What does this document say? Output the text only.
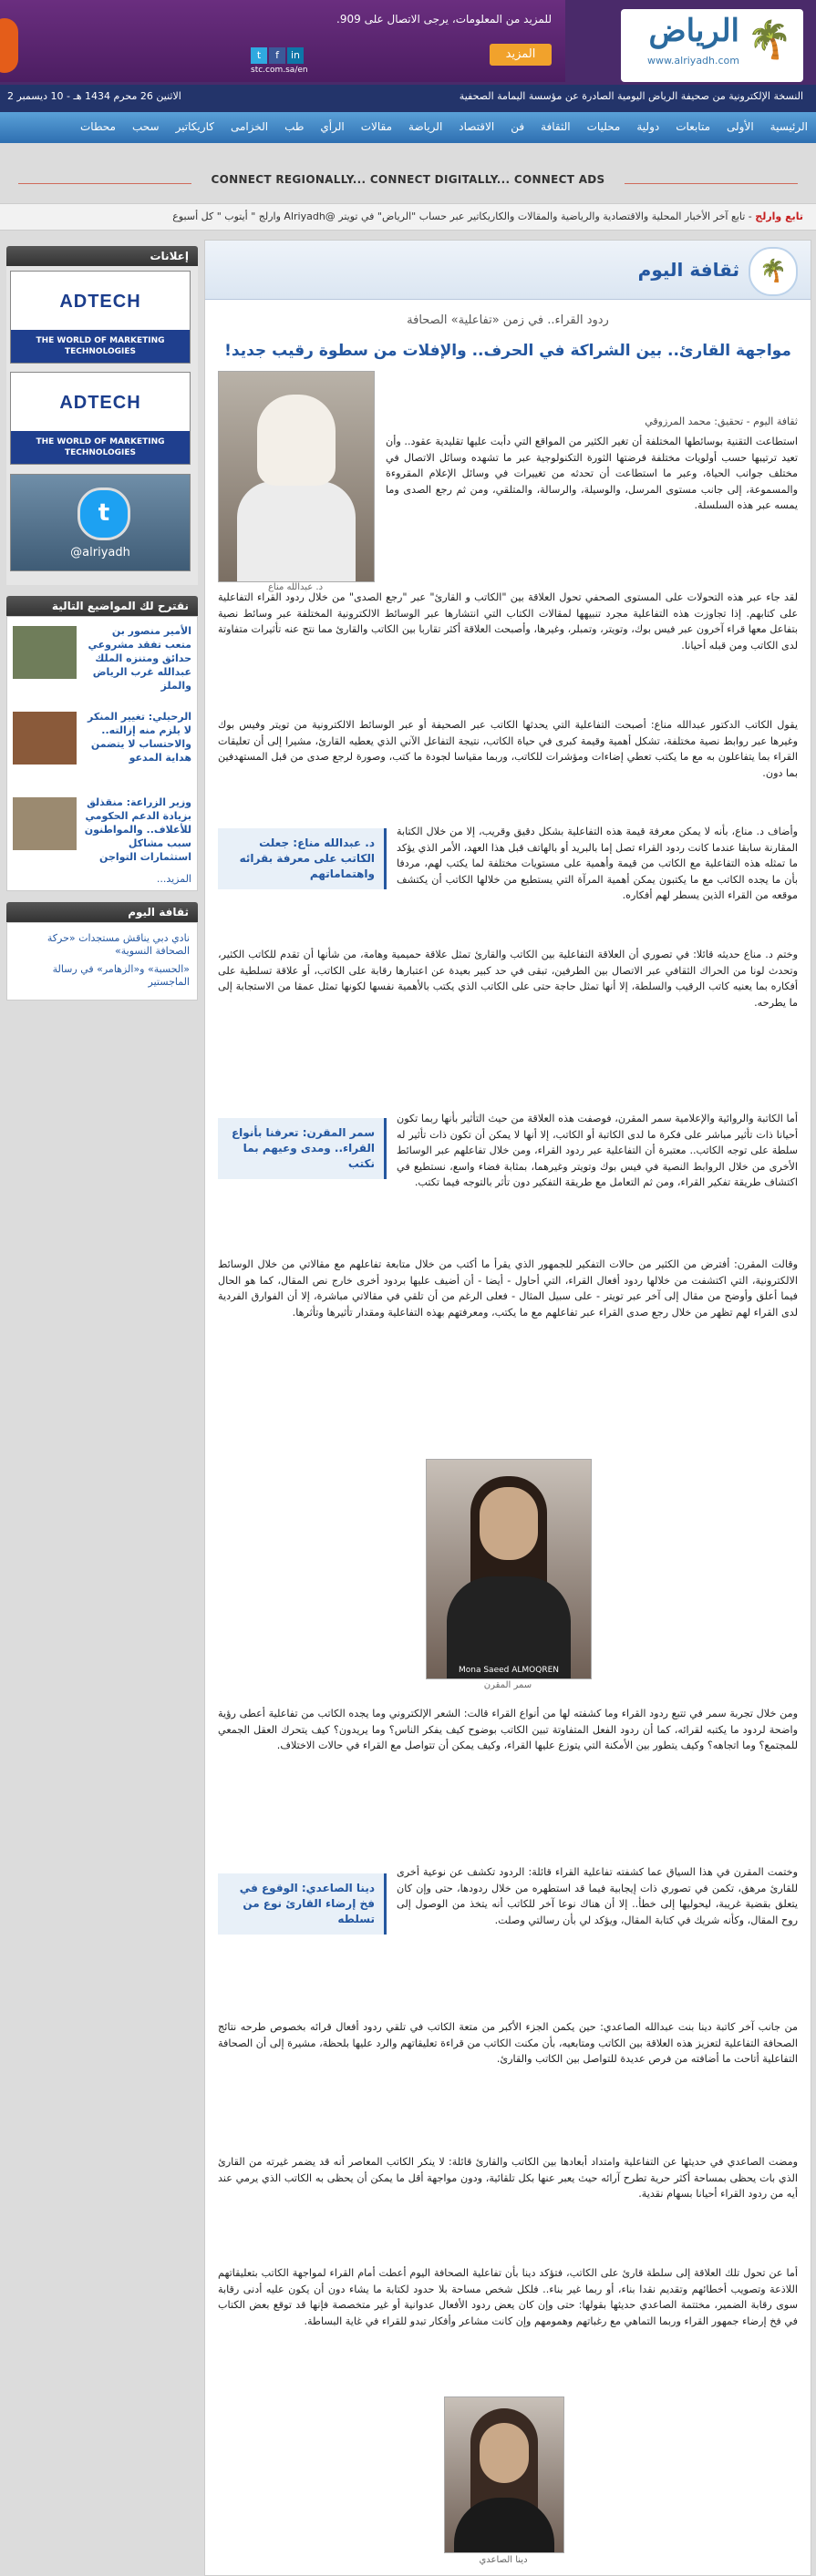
t	f	in
stc.com.sa/en
للمزيد من المعلومات، يرجى الاتصال على 909.
المزيد	🌴
الرياض
www.alriyadh.com
النسخة الإلكترونية من صحيفة الرياض اليومية الصادرة عن مؤسسة اليمامة الصحفية
الاثنين 26 محرم 1434 هـ - 10 ديسمبر 2
الرئيسية
الأولى
متابعات
دولية
محليات
الثقافة
فن
الاقتصاد
الرياضة
مقالات
الرأي
طب
الخزامى
كاريكاتير
سحب
محطات
CONNECT REGIONALLY... CONNECT DIGITALLY... CONNECT ADS
تابع وارلج - تابع آخر الأخبار المحلية والاقتصادية والرياضية والمقالات والكاريكاتير عبر حساب "الرياض" في تويتر @Alriyadh وارلج " أيتوب " كل أسبوع
إعلانات
ADTECH
THE WORLD OF MARKETING TECHNOLOGIES
ADTECH
THE WORLD OF MARKETING TECHNOLOGIES
t
@alriyadh
نقترح لك المواضيع التالية
الأمير منصور بن متعب تفقد مشروعي حدائق ومتنزه الملك عبدالله غرب الرياض والملز
الرحيلي: تغيير المنكر لا يلزم منه إزالته.. والاحتساب لا يتضمن هداية المدعو
وزير الزراعة: منقذلق بزيادة الدعم الحكومي للأعلاف.. والمواطنون سبب مشاكل استثمارات التواجن
المزيد...
ثقافة اليوم
نادي دبي يناقش مستجدات «حركة الصحافة النسوية»
«الحسبة» و«الزهامر» في رسالة الماجستير
🌴
ثقافة اليوم
ردود القراء.. في زمن «تفاعلية» الصحافة
مواجهة القارئ.. بين الشراكة في الحرف.. والإفلات من سطوة رقيب جديد!
د. عبدالله مناع
ثقافة اليوم - تحقيق: محمد المرزوقي

استطاعت التقنية بوسائطها المختلفة أن تغير الكثير من المواقع التي دأبت عليها تقليدية عقود.. وأن تعيد ترتيبها حسب أولويات مختلفة فرضتها الثورة التكنولوجية عبر ما تشهده وسائل الاتصال في مختلف جوانب الحياة، وعبر ما استطاعت أن تحدثه من تغييرات في وسائل الإعلام المقروءة والمسموعة، إلى جانب مستوى المرسل، والوسيلة، والرسالة، والمتلقي، ومن ثم رجع الصدى وما يمسه عبر هذه السلسلة.

لقد جاء عبر هذه التحولات على المستوى الصحفي تحول العلاقة بين "الكاتب و القارئ" عبر "رجع الصدى" من خلال ردود القراء التفاعلية على كتابهم. إذا تجاوزت هذه التفاعلية مجرد تنبيهها لمقالات الكتاب التي انتشارها عبر الوسائط الالكترونية المختلفة عبر وسائط نصية بتفاعل معها قراء آخرون عبر فيس بوك، وتويتر، وتمبلر، وغيرها، وأصبحت العلاقة أكثر تقاربا بين الكاتب والقارئ مما نتج عنه تأثيرات متفاوتة لدى الكاتب ومن قبله أحيانا.

يقول الكاتب الدكتور عبدالله مناع: أصبحت التفاعلية التي يحدثها الكاتب عبر الصحيفة أو عبر الوسائط الالكترونية من تويتر وفيس بوك وغيرها عبر روابط نصية مختلفة، تشكل أهمية وقيمة كبرى في حياة الكاتب، نتيجة التفاعل الآني الذي يعطيه القارئ، مشيرا إلى أن تعليقات القراء بما يتفاعلون به مع ما يكتب تعطي إضاءات ومؤشرات للكاتب، وربما مقياسا لجودة ما كتب، وصورة لرجع صدى من قبل المستهدفين بما دون.

د. عبدالله مناع: جعلت الكاتب على معرفة بقرائه واهتماماتهم

وأضاف د. مناع، بأنه لا يمكن معرفة قيمة هذه التفاعلية بشكل دقيق وقريب، إلا من خلال الكتابة المقارنة سابقا عندما كانت ردود القراء تصل إما بالبريد أو بالهاتف قبل هذا العهد، الأمر الذي يؤكد ما تمثله هذه التفاعلية مع الكاتب من قيمة وأهمية على مستويات مختلفة لما يكتب لهم، مردفا بأن ما يجده الكاتب مع ما يكتبون يمكن أهمية المرآة التي يستطيع من خلالها الكاتب أن يكتشف موقعه من القراء الذين يسطر لهم أفكاره.

وختم د. مناع حديثه قائلا: في تصوري أن العلاقة التفاعلية بين الكاتب والقارئ تمثل علاقة حميمية وهامة، من شأنها أن تقدم للكاتب الكثير، وتحدث لونا من الحراك الثقافي عبر الاتصال بين الطرفين، تبقى في حد كبير بعيدة عن اعتبارها رقابة على الكاتب، أو علاقة تسلطية على أفكاره بما يعنيه كاتب الرقيب والسلطة، إلا أنها تمثل حاجة حتى على الكاتب الذي يكتب بالأهمية نفسها لكونها تمثل عمقا من الاستجابة إلى ما يطرحه.

سمر المقرن: تعرفنا بأنواع القراء.. ومدى وعيهم بما نكتب

أما الكاتبة والروائية والإعلامية سمر المقرن، فوصفت هذه العلاقة من حيث التأثير بأنها ربما تكون أحيانا ذات تأثير مباشر على فكرة ما لدى الكاتبة أو الكاتب، إلا أنها لا يمكن أن تكون ذات تأثير له سلطة على توجه الكاتب.. معتبرة أن التفاعلية عبر ردود القراء، ومن خلال تفاعلهم عبر الوسائط الأخرى من خلال الروابط النصية في فيس بوك وتويتر وغيرهما، بمثابة فضاء واسع، نستطيع في اكتشاف طريقة تفكير القراء، ومن ثم التعامل مع طريقة التفكير دون تأثر بالتوجه فيما تكتب.

وقالت المقرن: أفترض من الكثير من حالات التفكير للجمهور الذي يقرأ ما أكتب من خلال متابعة تفاعلهم مع مقالاتي من خلال الوسائط الالكترونية، التي اكتشفت من خلالها ردود أفعال القراء، التي أحاول - أيضا - أن أضيف عليها بردود أخرى خارج نص المقال، كما هو الحال فيما أعلق وأوضح من مقال إلى آخر عبر تويتر - على سبيل المثال - فعلى الرغم من أن تلقي في مقالاتي مباشرة، إلا أن الفوارق الفردية لدى القراء لهم تظهر من خلال رجع صدى القراء عبر تفاعلهم مع ما يكتب، ومعرفتهم بهذه التفاعلية ومقدار تأثيرها وتأثرها.

Mona Saeed ALMOQREN
سمر المقرن

ومن خلال تجربة سمر في تتبع ردود القراء وما كشفته لها من أنواع القراء قالت: الشعر الإلكتروني وما يجده الكاتب من تفاعلية أعطى رؤية واضحة لردود ما يكتبه لقرائه، كما أن ردود الفعل المتفاوتة تبين الكاتب بوضوح كيف يفكر الناس؟ وما يريدون؟ كيف يتحرك العقل الجمعي للمجتمع؟ وما اتجاهه؟ وكيف يتطور بين الأمكنة التي يتوزع عليها القراء، وكيف يمكن أن تتواصل مع القراء في حالات الاختلاف.

دينا الصاعدي: الوقوع في فخ إرضاء القارئ نوع من تسلطه

وختمت المقرن في هذا السياق عما كشفته تفاعلية القراء قائلة: الردود تكشف عن نوعية أخرى للقارئ مرهق، تكمن في تصوري ذات إيجابية فيما قد استطهره من خلال ردودها، حتى وإن كان يتعلق بقضية غريبة، ليحوليها إلى خطأ.. إلا أن هناك نوعا آخر للكاتب أنه يتخذ من الوصول إلى روح المقال، وكأنه شريك في كتابة المقال، ويؤكد لي بأن رسالتي وصلت.

من جانب آخر كاتبة دينا بنت عبدالله الصاعدي: حين يكمن الجزء الأكبر من متعة الكاتب في تلقي ردود أفعال قرائه بخصوص طرحه نتائج الصحافة التفاعلية لتعزيز هذه العلاقة بين الكاتب ومتابعيه، بأن مكنت الكاتب من قراءة تعليقاتهم والرد عليها بلحظة، مشيرة إلى أن الصحافة التفاعلية أتاحت ما أضافته من فرص عديدة للتواصل بين الكاتب والقارئ.

ومضت الصاعدي في حديثها عن التفاعلية وامتداد أبعادها بين الكاتب والقارئ قائلة: لا ينكر الكاتب المعاصر أنه قد يضمر غيرته من القارئ الذي بات يحظى بمساحة أكثر حرية تطرح آرائه حيث يعبر عنها بكل تلقائية، ودون مواجهة أقل ما يمكن أن يحظى به الكاتب الذي يرمي عند أيه من ردود القراء أحيانا بسهام نقدية.

أما عن تحول تلك العلاقة إلى سلطة قارئ على الكاتب، فتؤكد دينا بأن تفاعلية الصحافة اليوم أعطت أمام القراء لمواجهة الكاتب بتعليقاتهم اللاذعة وتصويب أخطائهم وتقديم نقدا بناء، أو ربما غير بناء.. فلكل شخص مساحة بلا حدود لكتابة ما يشاء دون أن يكون عليه أدنى رقابة سوى رقابة الضمير، مختتمة الصاعدي حديثها بقولها: حتى وإن كان يعض ردود الأفعال عدوانية أو غير متخصصة فإنها قد توقع بعض الكتاب في فخ إرضاء جمهور القراء وربما التماهي مع رغباتهم وهمومهم وإن كانت مشاعر وأفكار تبدو للقراء في غاية البساطة.

دينا الصاعدي
